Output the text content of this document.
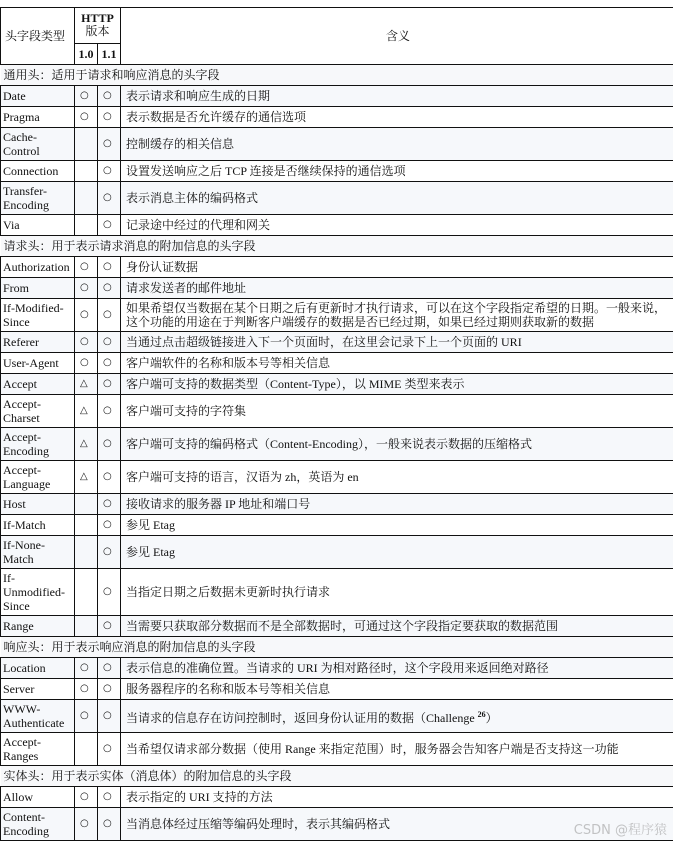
头字段类型	HTTP
版本		含义
	1.0	1.1	
通用头：适用于请求和响应消息的头字段			
Date	○	○	表示请求和响应生成的日期
Pragma	○	○	表示数据是否允许缓存的通信选项
Cache-Control		○	控制缓存的相关信息
Connection		○	设置发送响应之后 TCP 连接是否继续保持的通信选项
Transfer-Encoding		○	表示消息主体的编码格式
Via		○	记录途中经过的代理和网关
请求头：用于表示请求消息的附加信息的头字段			
Authorization	○	○	身份认证数据
From	○	○	请求发送者的邮件地址
If-Modified-Since	○	○	如果希望仅当数据在某个日期之后有更新时才执行请求，可以在这个字段指定希望的日期。一般来说，这个功能的用途在于判断客户端缓存的数据是否已经过期，如果已经过期则获取新的数据
Referer	○	○	当通过点击超级链接进入下一个页面时，在这里会记录下上一个页面的 URI
User-Agent	○	○	客户端软件的名称和版本号等相关信息
Accept	△	○	客户端可支持的数据类型（Content-Type），以 MIME 类型来表示
Accept-Charset	△	○	客户端可支持的字符集
Accept-Encoding	△	○	客户端可支持的编码格式（Content-Encoding），一般来说表示数据的压缩格式
Accept-Language	△	○	客户端可支持的语言，汉语为 zh，英语为 en
Host		○	接收请求的服务器 IP 地址和端口号
If-Match		○	参见 Etag
If-None-Match		○	参见 Etag
If-Unmodified-Since		○	当指定日期之后数据未更新时执行请求
Range		○	当需要只获取部分数据而不是全部数据时，可通过这个字段指定要获取的数据范围
响应头：用于表示响应消息的附加信息的头字段			
Location	○	○	表示信息的准确位置。当请求的 URI 为相对路径时，这个字段用来返回绝对路径
Server	○	○	服务器程序的名称和版本号等相关信息
WWW-Authenticate	○	○	当请求的信息存在访问控制时，返回身份认证用的数据（Challenge $^{26}$）
Accept-Ranges		○	当希望仅请求部分数据（使用 Range 来指定范围）时，服务器会告知客户端是否支持这一功能
实体头：用于表示实体（消息体）的附加信息的头字段			
Allow	○	○	表示指定的 URI 支持的方法
Content-Encoding	○	○	当消息体经过压缩等编码处理时，表示其编码格式	CSDN @程序猿
